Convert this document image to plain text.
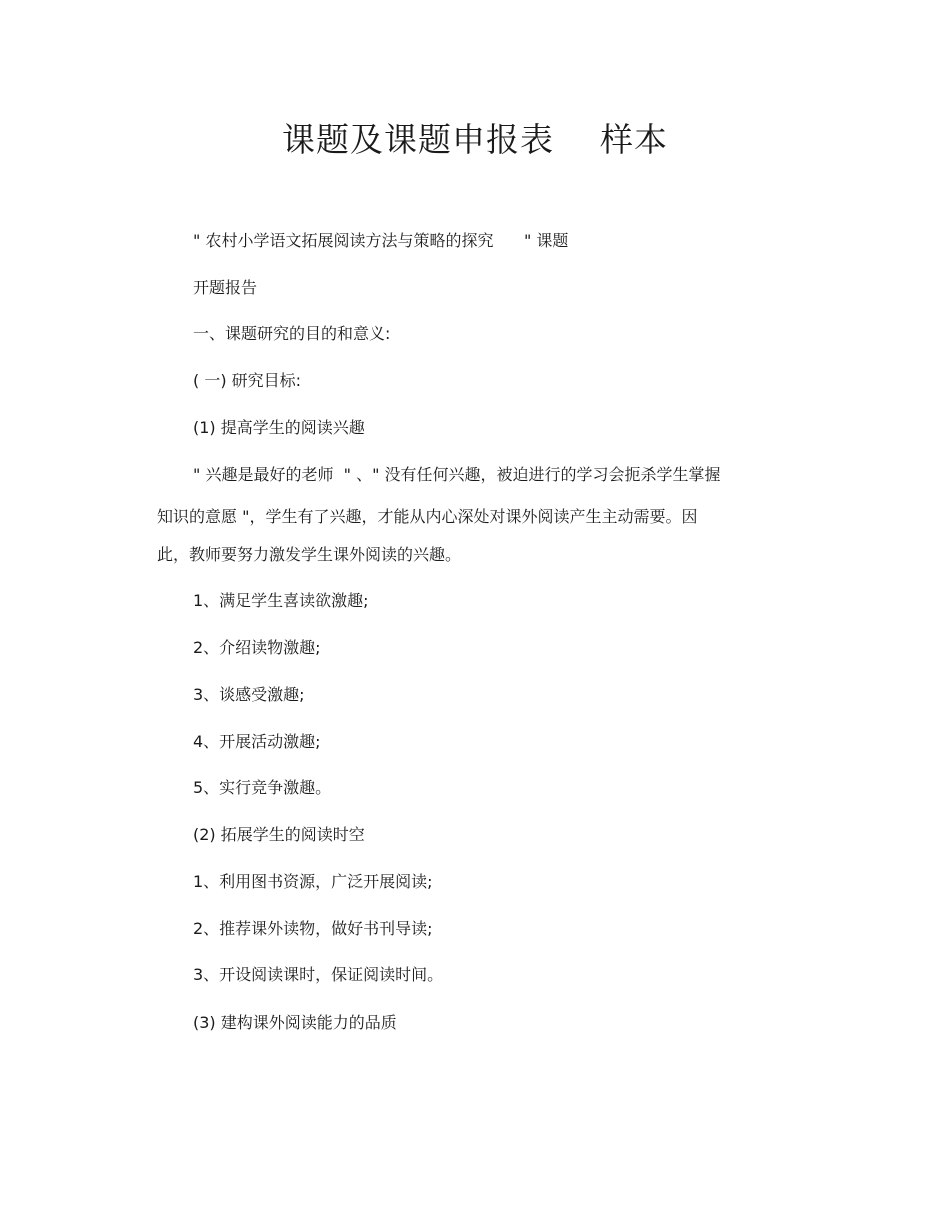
课题及课题申报表    样本
" 农村小学语文拓展阅读方法与策略的探究      " 课题
开题报告
一、课题研究的目的和意义:
( 一) 研究目标:
(1) 提高学生的阅读兴趣
" 兴趣是最好的老师  " 、" 没有任何兴趣，被迫进行的学习会扼杀学生掌握
知识的意愿 "，学生有了兴趣，才能从内心深处对课外阅读产生主动需要。因
此，教师要努力激发学生课外阅读的兴趣。
1、满足学生喜读欲激趣;
2、介绍读物激趣;
3、谈感受激趣;
4、开展活动激趣;
5、实行竞争激趣。
(2) 拓展学生的阅读时空
1、利用图书资源，广泛开展阅读;
2、推荐课外读物，做好书刊导读;
3、开设阅读课时，保证阅读时间。
(3) 建构课外阅读能力的品质
